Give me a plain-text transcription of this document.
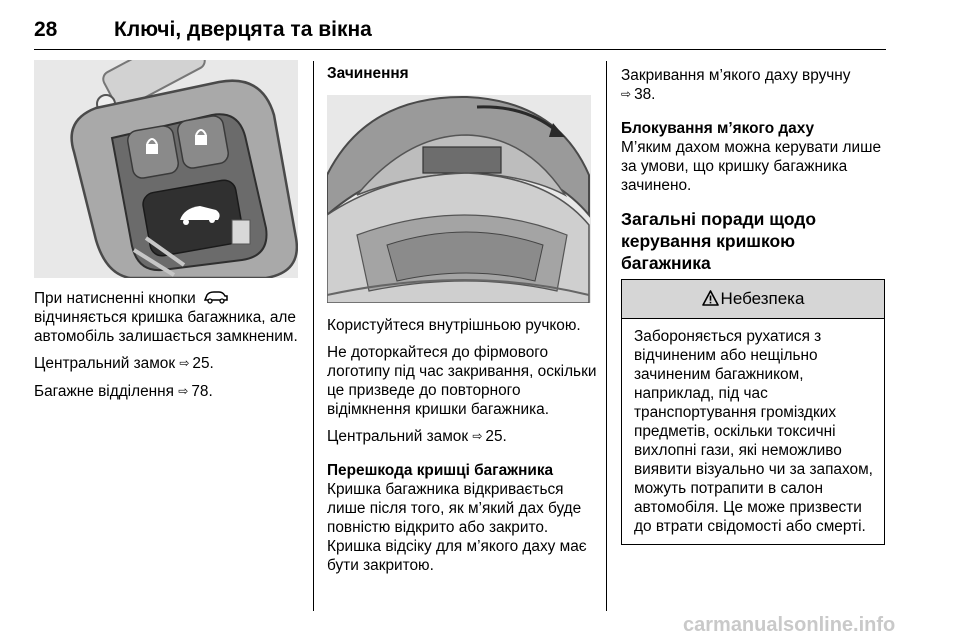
28	Ключі, дверцята та вікна

При натисненні кнопки
відчиняється кришка багажника, але автомобіль залишається замкненим.

Центральний замок ⇨ 25.

Багажне відділення ⇨ 78.

Зачинення

Користуйтеся внутрішньою ручкою.

Не доторкайтеся до фірмового логотипу під час закривання, оскільки це призведе до повторного відімкнення кришки багажника.

Центральний замок ⇨ 25.

Перешкода кришці багажника

Кришка багажника відкривається лише після того, як м’який дах буде повністю відкрито або закрито. Кришка відсіку для м’якого даху має бути закритою.

Закривання м’якого даху вручну
⇨ 38.

Блокування м’якого даху

М’яким дахом можна керувати лише за умови, що кришку багажника зачинено.

Загальні поради щодо керування кришкою багажника
Небезпека
Забороняється рухатися з відчиненим або нещільно зачиненим багажником, наприклад, під час транспортування громіздких предметів, оскільки токсичні вихлопні гази, які неможливо виявити візуально чи за запахом, можуть потрапити в салон автомобіля. Це може призвести до втрати свідомості або смерті.
carmanualsonline.info
